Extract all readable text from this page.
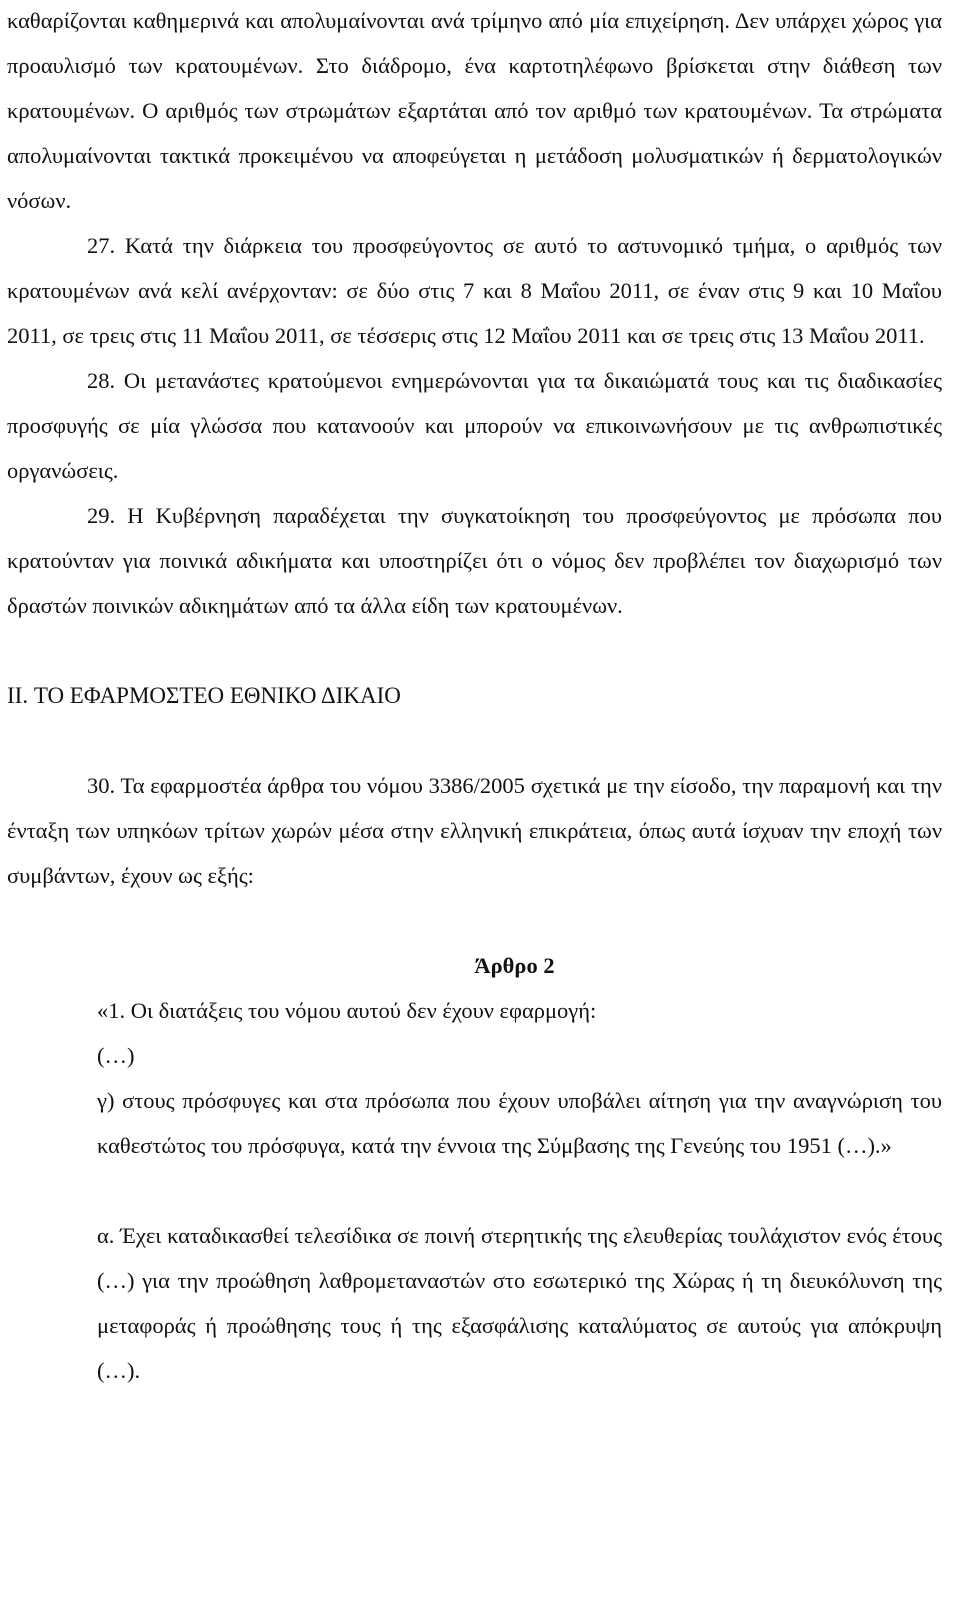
καθαρίζονται καθημερινά και απολυμαίνονται ανά τρίμηνο από μία επιχείρηση. Δεν υπάρχει χώρος για προαυλισμό των κρατουμένων. Στο διάδρομο, ένα καρτοτηλέφωνο βρίσκεται στην διάθεση των κρατουμένων. Ο αριθμός των στρωμάτων εξαρτάται από τον αριθμό των κρατουμένων. Τα στρώματα απολυμαίνονται τακτικά προκειμένου να αποφεύγεται η μετάδοση μολυσματικών ή δερματολογικών νόσων.

27. Κατά την διάρκεια του προσφεύγοντος σε αυτό το αστυνομικό τμήμα, ο αριθμός των κρατουμένων ανά κελί ανέρχονταν: σε δύο στις 7 και 8 Μαΐου 2011, σε έναν στις 9 και 10 Μαΐου 2011, σε τρεις στις 11 Μαΐου 2011, σε τέσσερις στις 12 Μαΐου 2011 και σε τρεις στις 13 Μαΐου 2011.

28. Οι μετανάστες κρατούμενοι ενημερώνονται για τα δικαιώματά τους και τις διαδικασίες προσφυγής σε μία γλώσσα που κατανοούν και μπορούν να επικοινωνήσουν με τις ανθρωπιστικές οργανώσεις.

29. Η Κυβέρνηση παραδέχεται την συγκατοίκηση του προσφεύγοντος με πρόσωπα που κρατούνταν για ποινικά αδικήματα και υποστηρίζει ότι ο νόμος δεν προβλέπει τον διαχωρισμό των δραστών ποινικών αδικημάτων από τα άλλα είδη των κρατουμένων.

II. ΤΟ ΕΦΑΡΜΟΣΤΕΟ ΕΘΝΙΚΟ ΔΙΚΑΙΟ

30. Τα εφαρμοστέα άρθρα του νόμου 3386/2005 σχετικά με την είσοδο, την παραμονή και την ένταξη των υπηκόων τρίτων χωρών μέσα στην ελληνική επικράτεια, όπως αυτά ίσχυαν την εποχή των συμβάντων, έχουν ως εξής:

Άρθρο 2

«1. Οι διατάξεις του νόμου αυτού δεν έχουν εφαρμογή:

(…)

γ) στους πρόσφυγες και στα πρόσωπα που έχουν υποβάλει αίτηση για την αναγνώριση του καθεστώτος του πρόσφυγα, κατά την έννοια της Σύμβασης της Γενεύης του 1951 (…).»

α. Έχει καταδικασθεί τελεσίδικα σε ποινή στερητικής της ελευθερίας τουλάχιστον ενός έτους (…) για την προώθηση λαθρομεταναστών στο εσωτερικό της Χώρας ή τη διευκόλυνση της μεταφοράς ή προώθησης τους ή της εξασφάλισης καταλύματος σε αυτούς για απόκρυψη (…).
